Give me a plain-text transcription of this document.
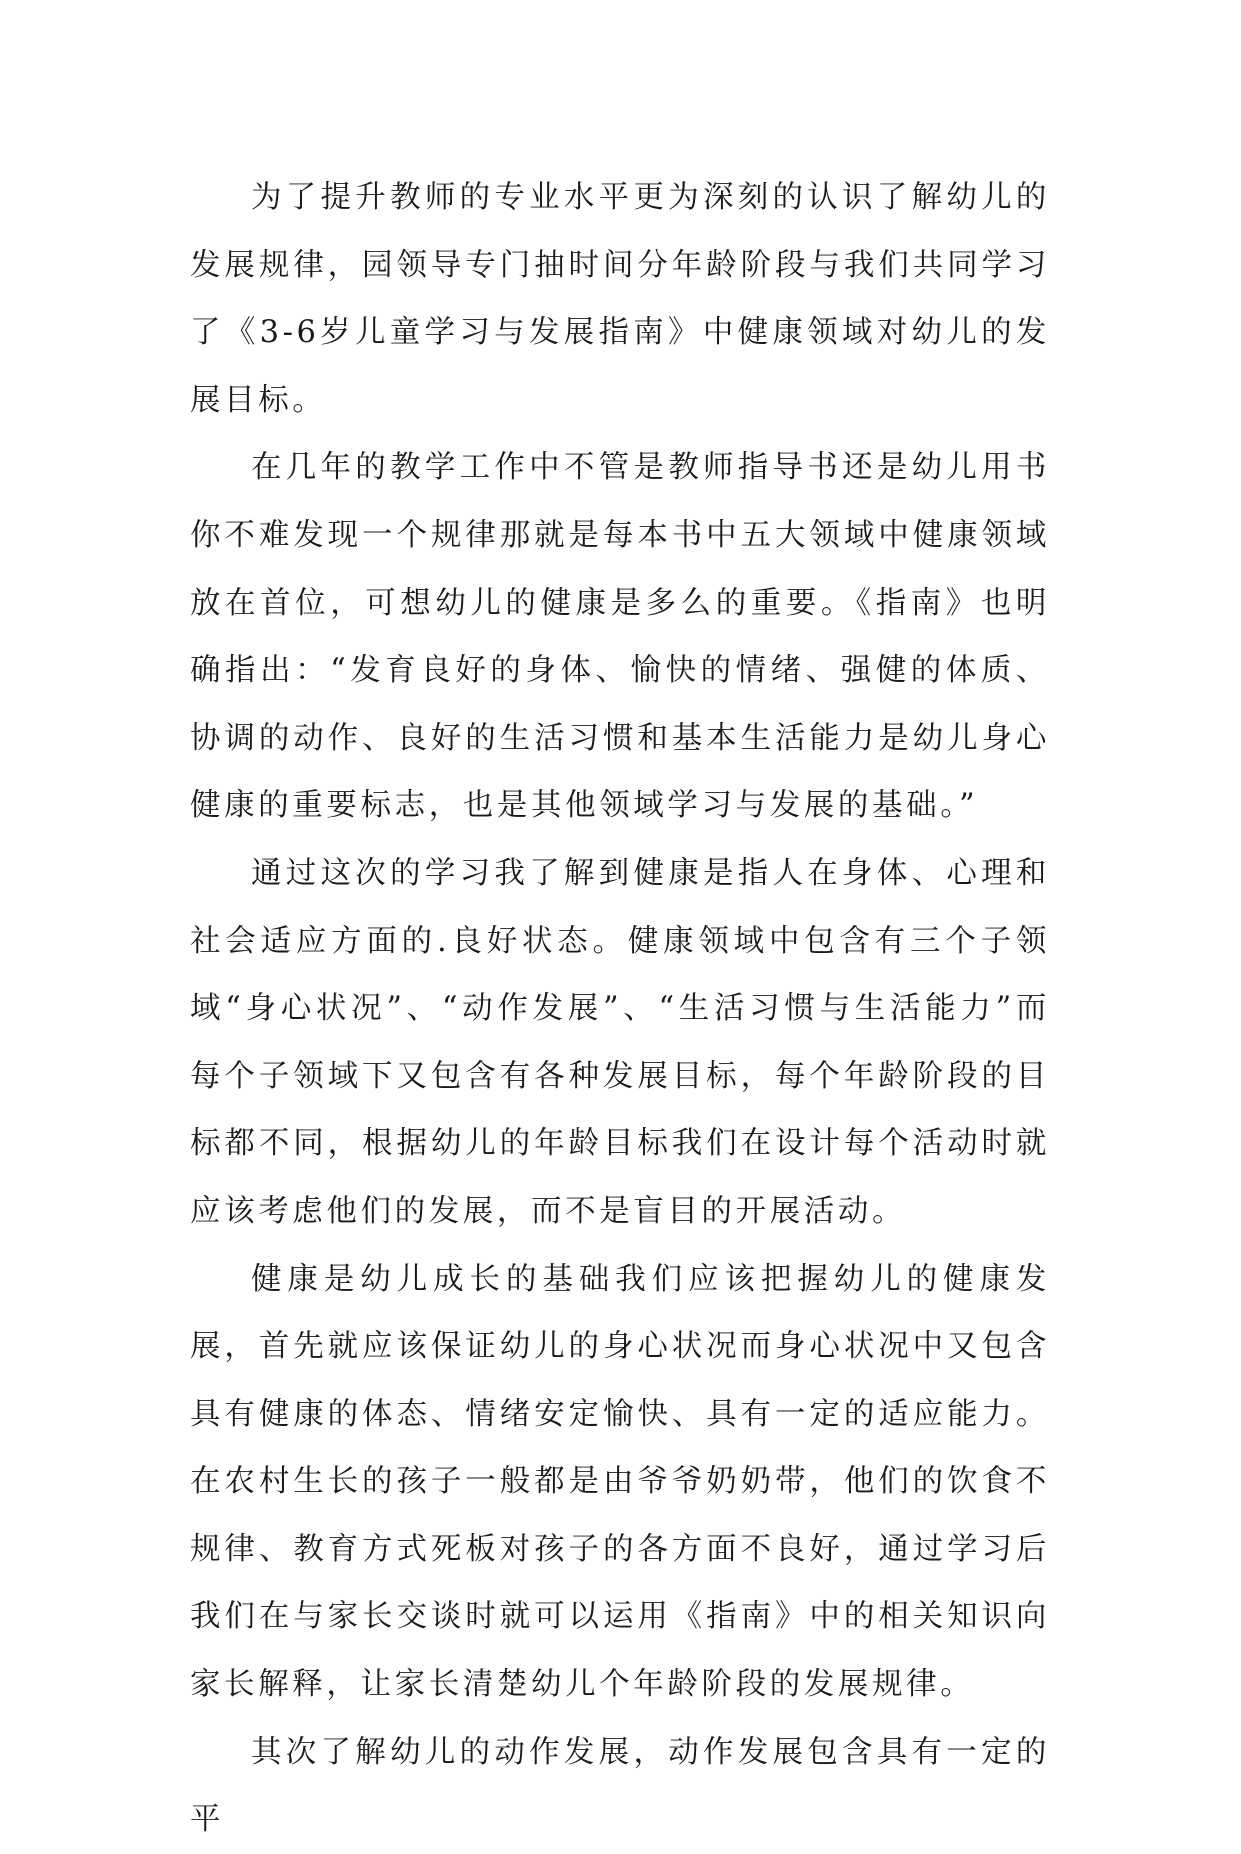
为了提升教师的专业水平更为深刻的认识了解幼儿的发展规律，园领导专门抽时间分年龄阶段与我们共同学习了《3-6岁儿童学习与发展指南》中健康领域对幼儿的发展目标。

在几年的教学工作中不管是教师指导书还是幼儿用书你不难发现一个规律那就是每本书中五大领域中健康领域放在首位，可想幼儿的健康是多么的重要。《指南》也明确指出：“发育良好的身体、愉快的情绪、强健的体质、协调的动作、良好的生活习惯和基本生活能力是幼儿身心健康的重要标志，也是其他领域学习与发展的基础。”

通过这次的学习我了解到健康是指人在身体、心理和社会适应方面的.良好状态。健康领域中包含有三个子领域“身心状况”、“动作发展”、“生活习惯与生活能力”而每个子领域下又包含有各种发展目标，每个年龄阶段的目标都不同，根据幼儿的年龄目标我们在设计每个活动时就应该考虑他们的发展，而不是盲目的开展活动。

健康是幼儿成长的基础我们应该把握幼儿的健康发展，首先就应该保证幼儿的身心状况而身心状况中又包含具有健康的体态、情绪安定愉快、具有一定的适应能力。在农村生长的孩子一般都是由爷爷奶奶带，他们的饮食不规律、教育方式死板对孩子的各方面不良好，通过学习后我们在与家长交谈时就可以运用《指南》中的相关知识向家长解释，让家长清楚幼儿个年龄阶段的发展规律。

其次了解幼儿的动作发展，动作发展包含具有一定的平
